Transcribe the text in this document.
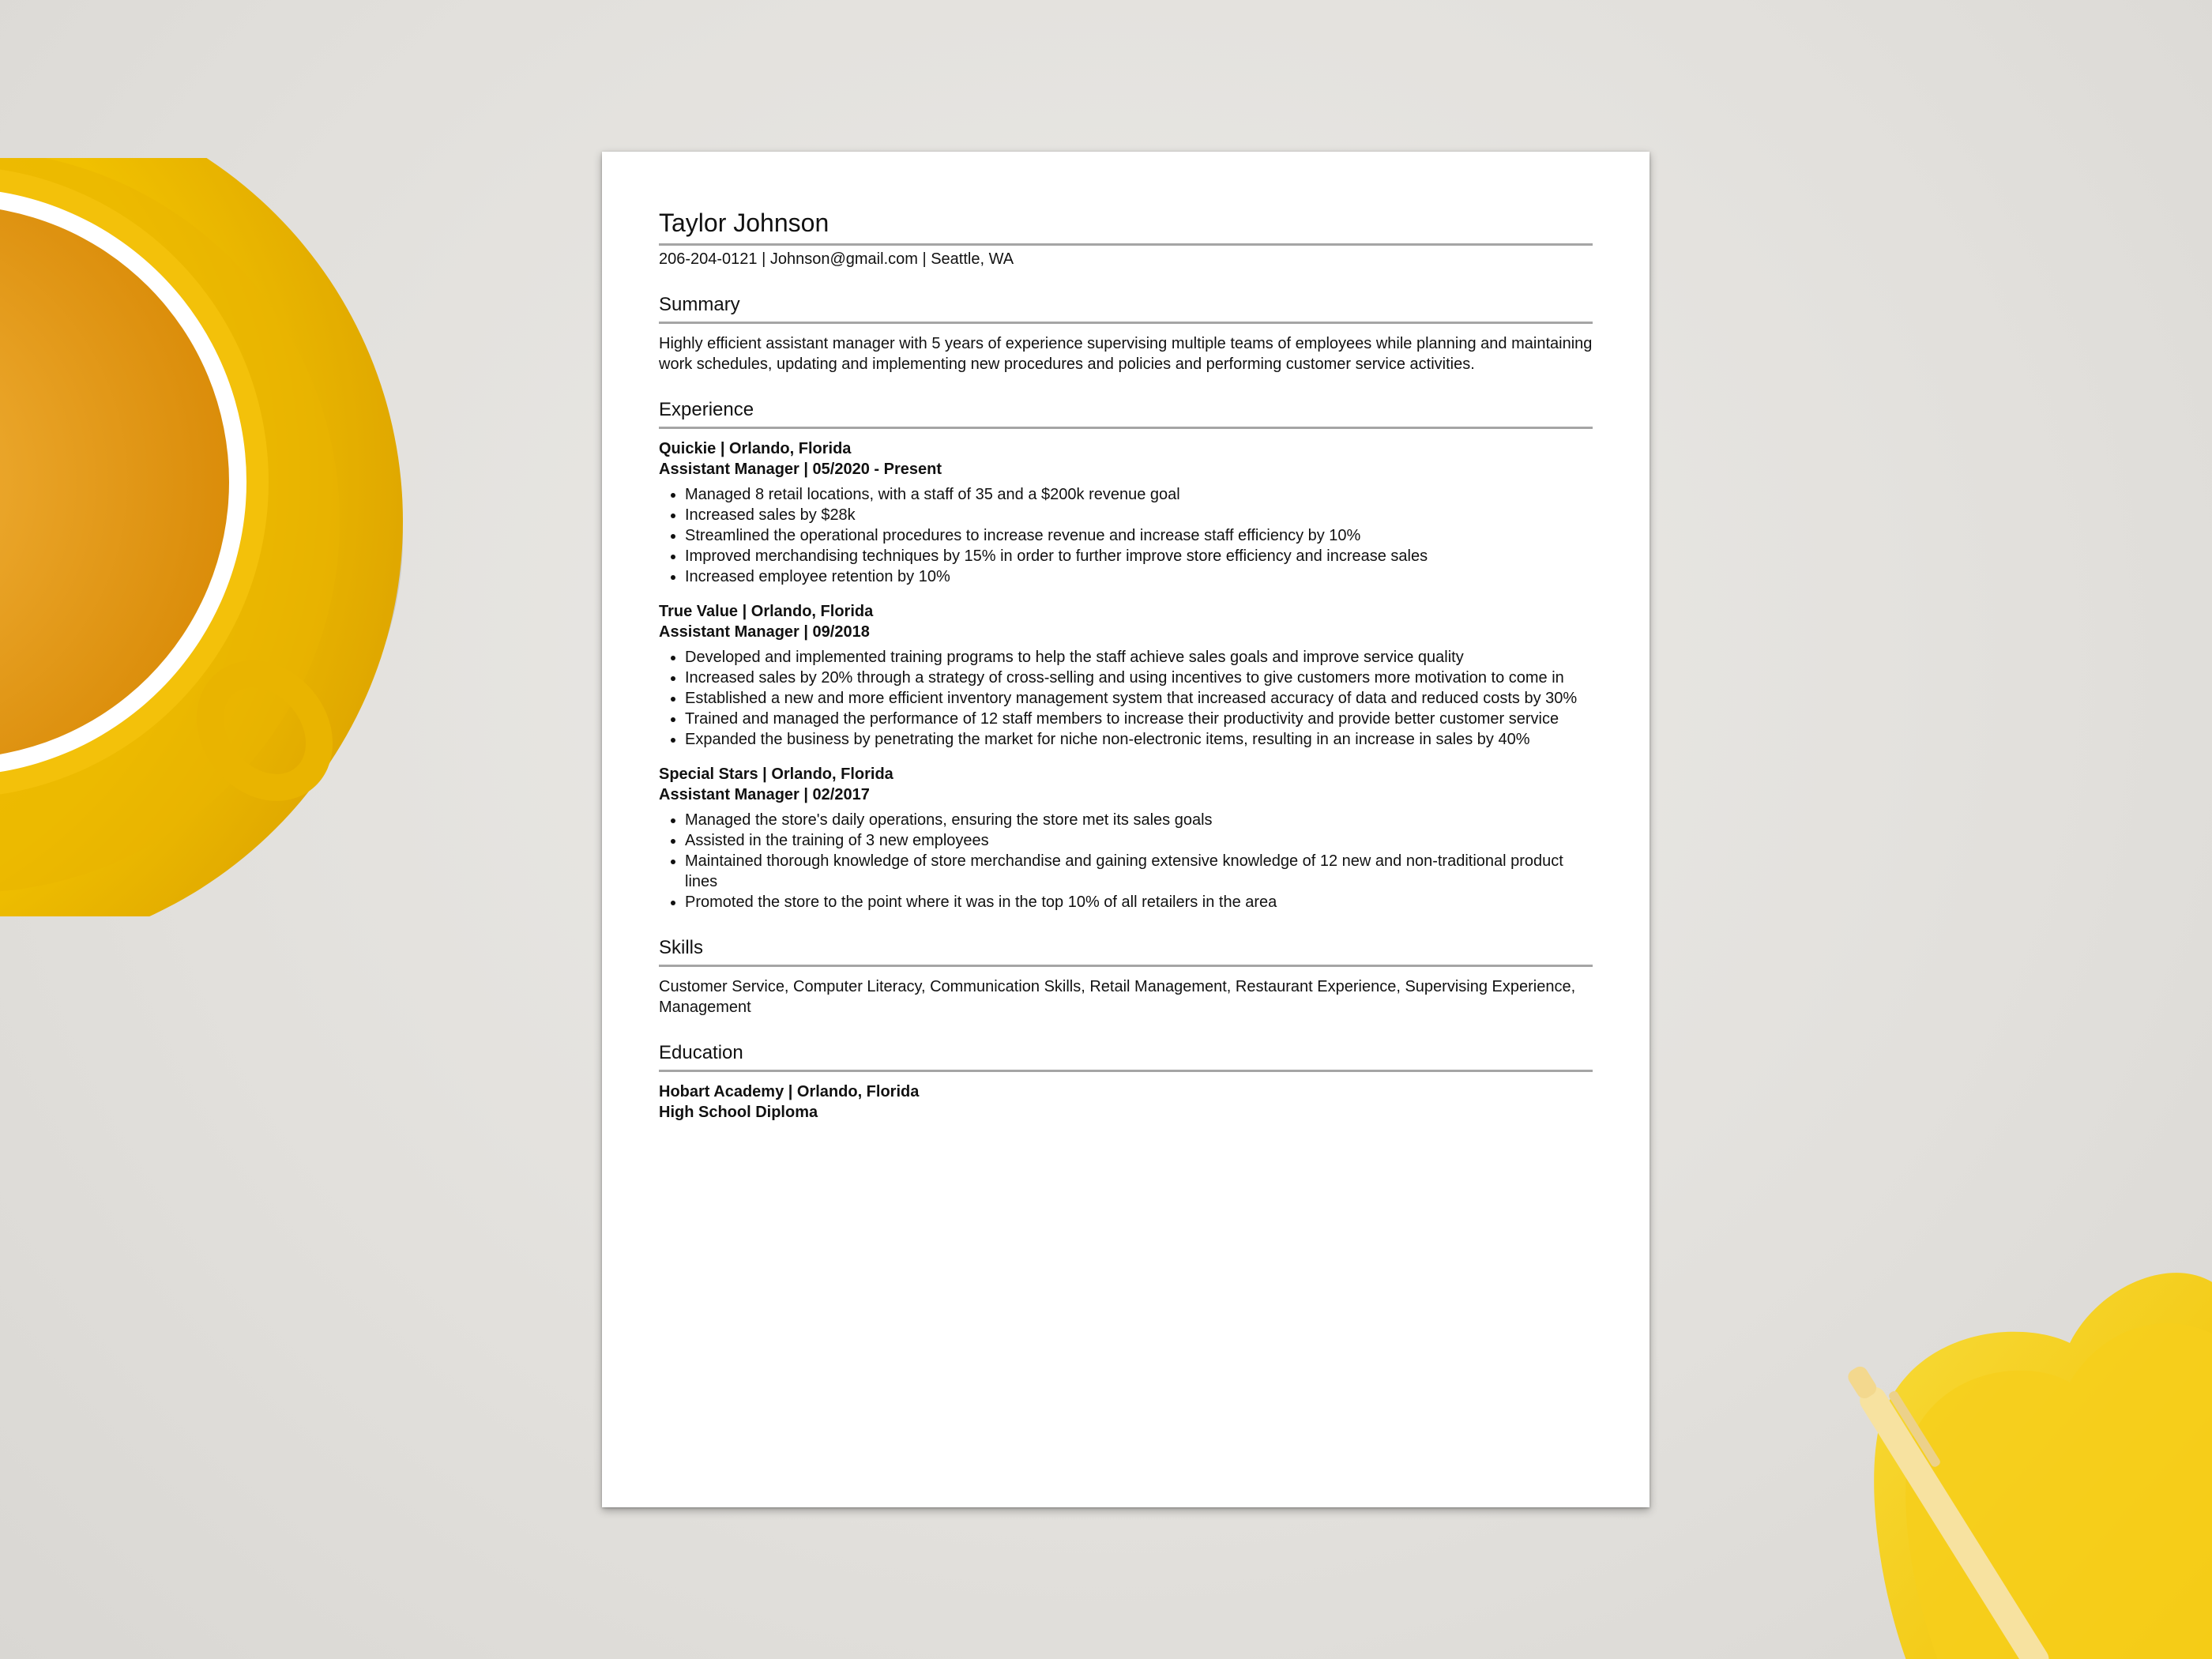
Taylor Johnson
206-204-0121 | Johnson@gmail.com | Seattle, WA
Summary
Highly efficient assistant manager with 5 years of experience supervising multiple teams of employees while planning and maintaining work schedules, updating and implementing new procedures and policies and performing customer service activities.
Experience
Quickie | Orlando, Florida
Assistant Manager | 05/2020 - Present
• Managed 8 retail locations, with a staff of 35 and a $200k revenue goal
• Increased sales by $28k
• Streamlined the operational procedures to increase revenue and increase staff efficiency by 10%
• Improved merchandising techniques by 15% in order to further improve store efficiency and increase sales
• Increased employee retention by 10%
True Value | Orlando, Florida
Assistant Manager | 09/2018
• Developed and implemented training programs to help the staff achieve sales goals and improve service quality
• Increased sales by 20% through a strategy of cross-selling and using incentives to give customers more motivation to come in
• Established a new and more efficient inventory management system that increased accuracy of data and reduced costs by 30%
• Trained and managed the performance of 12 staff members to increase their productivity and provide better customer service
• Expanded the business by penetrating the market for niche non-electronic items, resulting in an increase in sales by 40%
Special Stars | Orlando, Florida
Assistant Manager | 02/2017
• Managed the store's daily operations, ensuring the store met its sales goals
• Assisted in the training of 3 new employees
• Maintained thorough knowledge of store merchandise and gaining extensive knowledge of 12 new and non-traditional product lines
• Promoted the store to the point where it was in the top 10% of all retailers in the area
Skills
Customer Service, Computer Literacy, Communication Skills, Retail Management, Restaurant Experience, Supervising Experience, Management
Education
Hobart Academy | Orlando, Florida
High School Diploma
